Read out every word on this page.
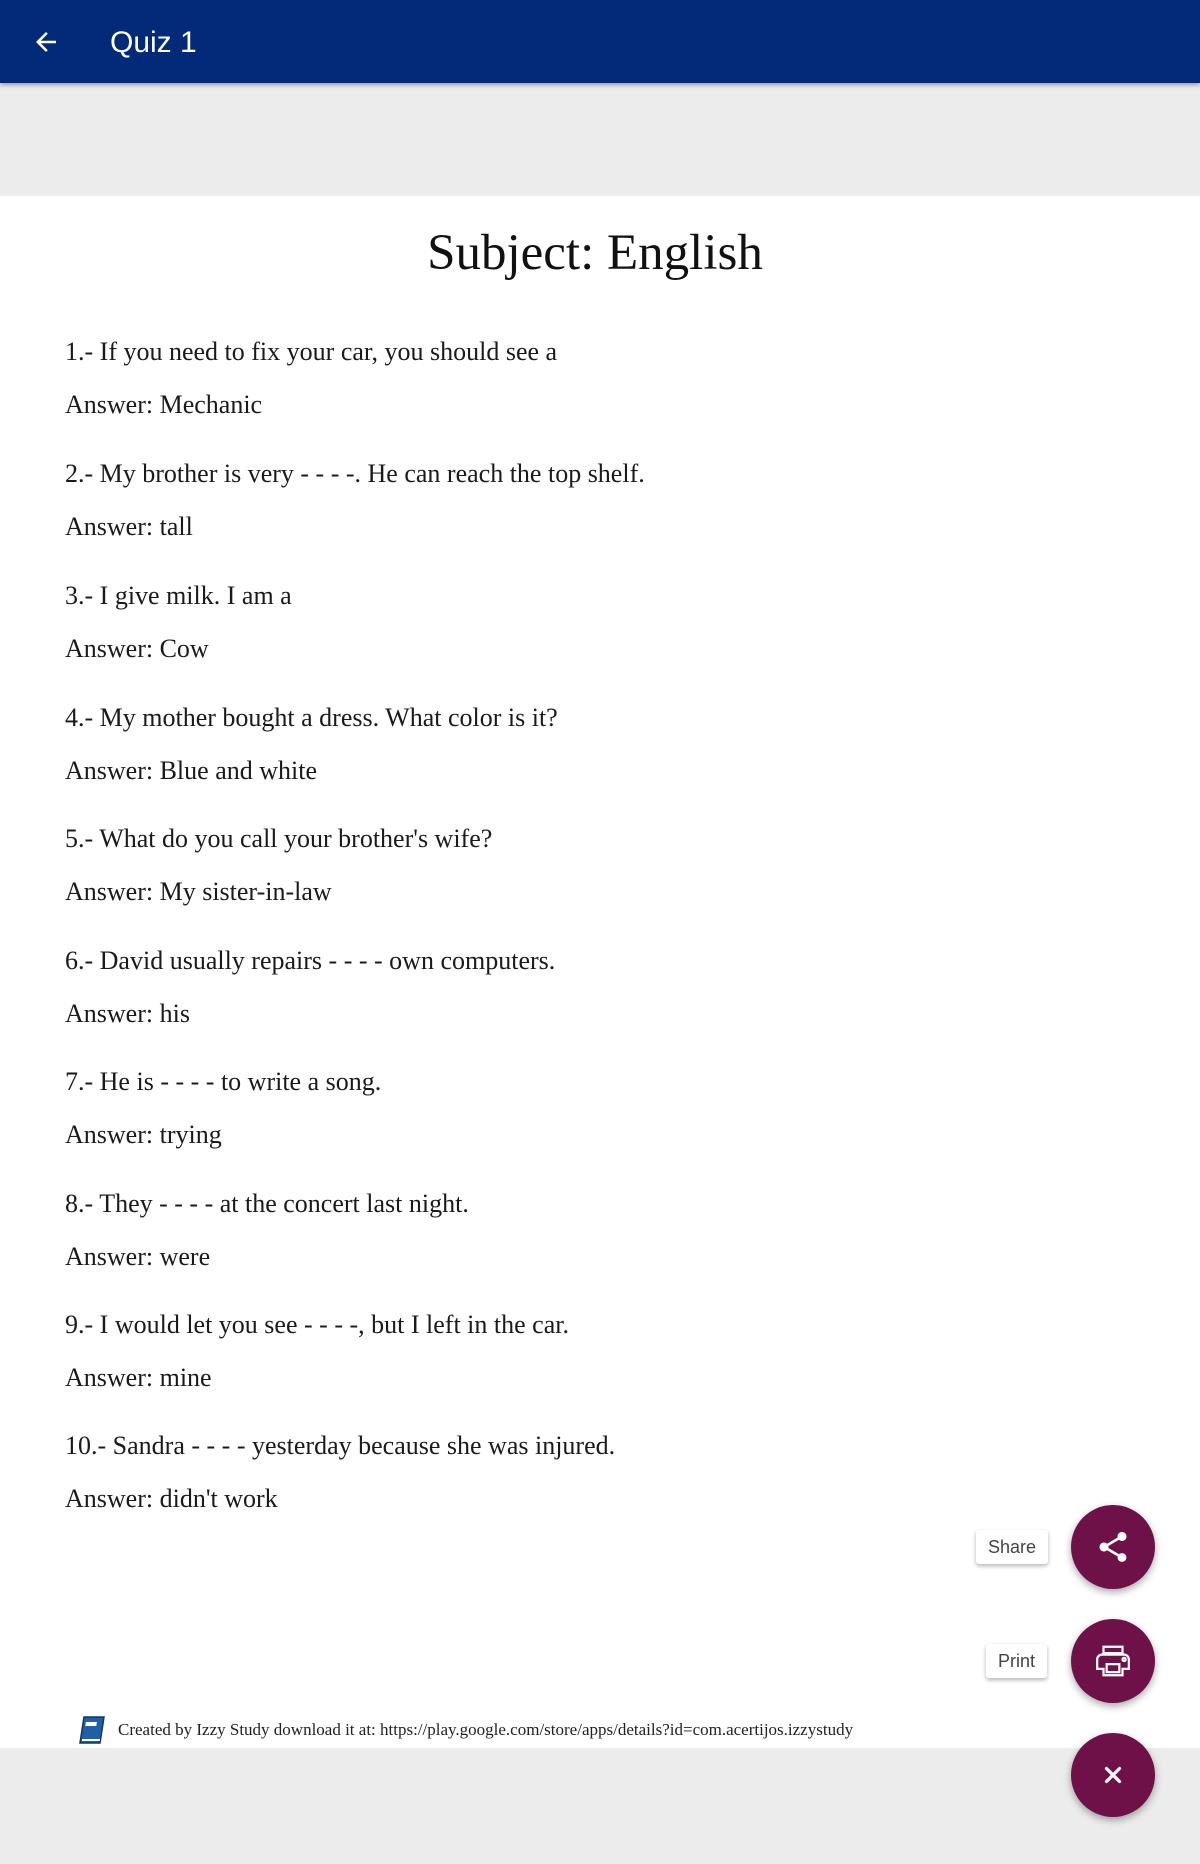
Quiz 1
Subject: English
1.- If you need to fix your car, you should see a
Answer: Mechanic
2.- My brother is very - - - -. He can reach the top shelf.
Answer: tall
3.- I give milk. I am a
Answer: Cow
4.- My mother bought a dress. What color is it?
Answer: Blue and white
5.- What do you call your brother's wife?
Answer: My sister-in-law
6.- David usually repairs - - - - own computers.
Answer: his
7.- He is - - - - to write a song.
Answer: trying
8.- They - - - - at the concert last night.
Answer: were
9.- I would let you see - - - -, but I left in the car.
Answer: mine
10.- Sandra - - - - yesterday because she was injured.
Answer: didn't work
Created by Izzy Study download it at: https://play.google.com/store/apps/details?id=com.acertijos.izzystudy
Share
Print
